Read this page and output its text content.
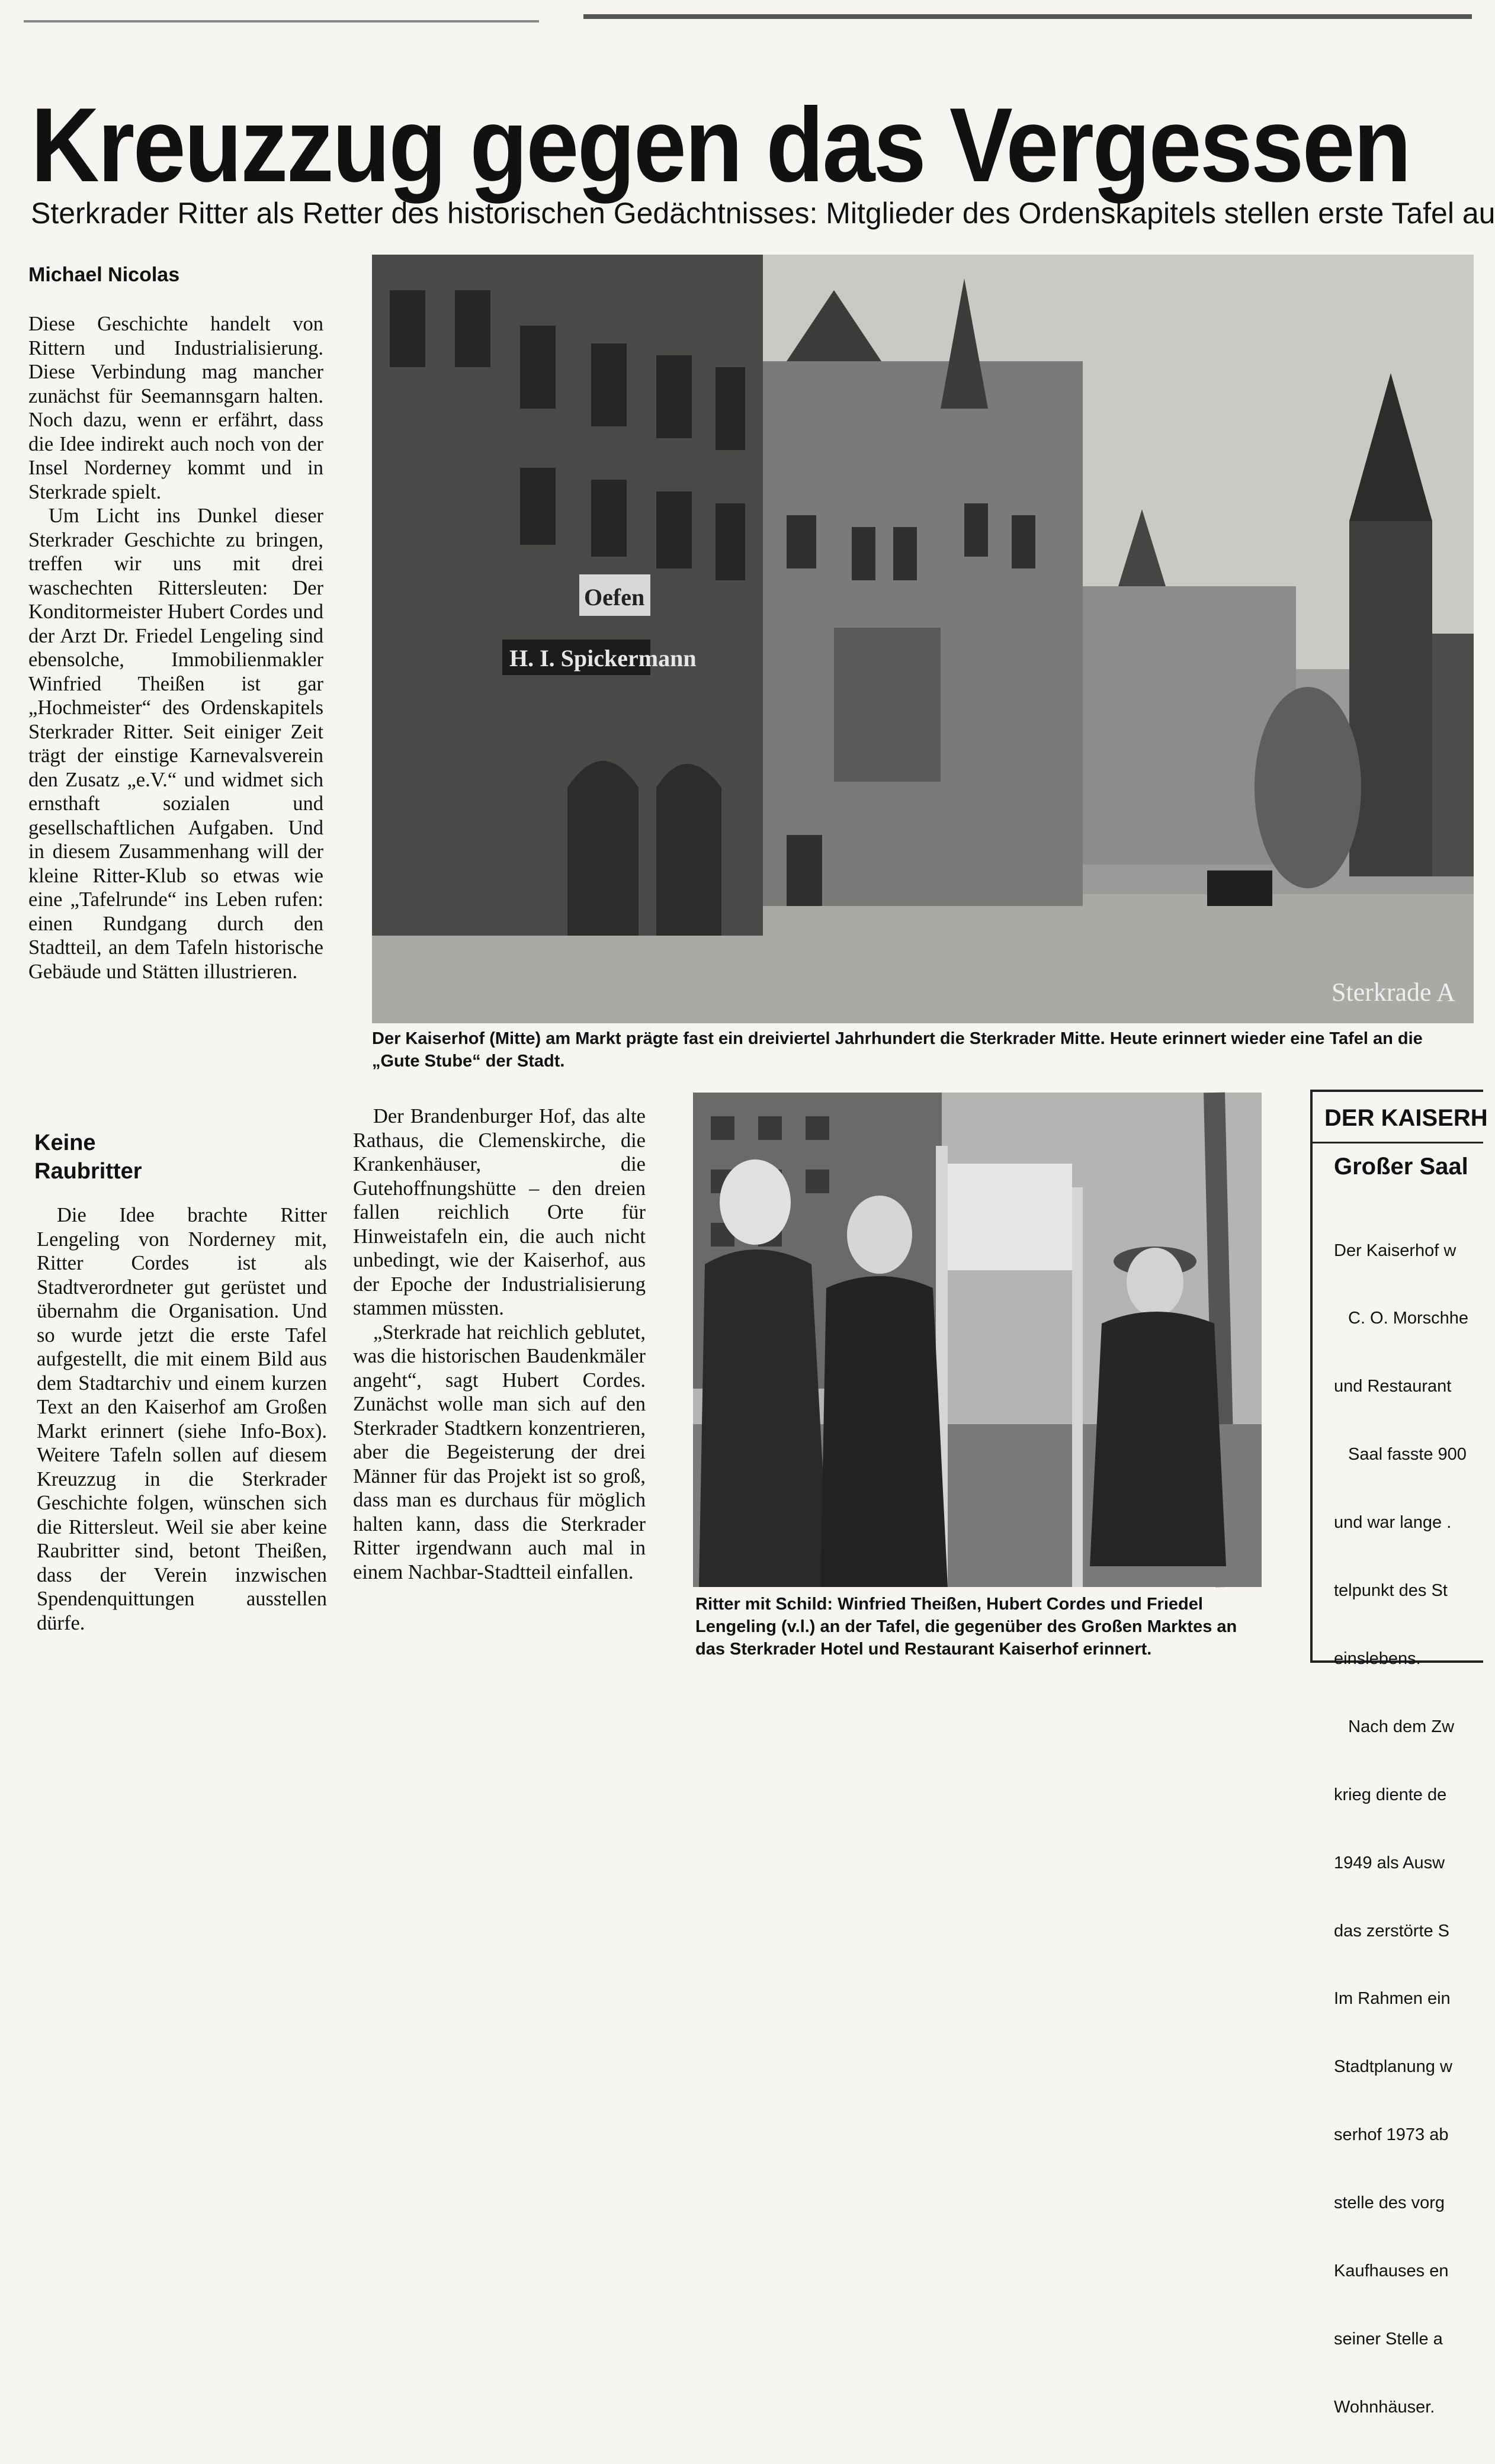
Kreuzzug gegen das Vergessen
Sterkrader Ritter als Retter des historischen Gedächtnisses: Mitglieder des Ordenskapitels stellen erste Tafel au
Michael Nicolas

Diese Geschichte handelt von Rittern und Industrialisierung. Diese Verbindung mag mancher zunächst für Seemannsgarn halten. Noch dazu, wenn er erfährt, dass die Idee indirekt auch noch von der Insel Norderney kommt und in Sterkrade spielt.

Um Licht ins Dunkel dieser Sterkrader Geschichte zu bringen, treffen wir uns mit drei waschechten Rittersleuten: Der Konditormeister Hubert Cordes und der Arzt Dr. Friedel Lengeling sind ebensolche, Immobilienmakler Winfried Theißen ist gar „Hochmeister“ des Ordenskapitels Sterkrader Ritter. Seit einiger Zeit trägt der einstige Karnevalsverein den Zusatz „e.V.“ und widmet sich ernsthaft sozialen und gesellschaftlichen Aufgaben. Und in diesem Zusammenhang will der kleine Ritter-Klub so etwas wie eine „Tafelrunde“ ins Leben rufen: einen Rundgang durch den Stadtteil, an dem Tafeln historische Gebäude und Stätten illustrieren.

Keine Raubritter

Die Idee brachte Ritter Lengeling von Norderney mit, Ritter Cordes ist als Stadtverordneter gut gerüstet und übernahm die Organisation. Und so wurde jetzt die erste Tafel aufgestellt, die mit einem Bild aus dem Stadtarchiv und einem kurzen Text an den Kaiserhof am Großen Markt erinnert (siehe Info-Box). Weitere Tafeln sollen auf diesem Kreuzzug in die Sterkrader Geschichte folgen, wünschen sich die Rittersleut. Weil sie aber keine Raubritter sind, betont Theißen, dass der Verein inzwischen Spendenquittungen ausstellen dürfe.

H. I. Spickermann
Oefen
Sterkrade A
Der Kaiserhof (Mitte) am Markt prägte fast ein dreiviertel Jahrhundert die Sterkrader Mitte. Heute erinnert wieder eine Tafel an die „Gute Stube“ der Stadt.

Der Brandenburger Hof, das alte Rathaus, die Clemenskirche, die Krankenhäuser, die Gutehoffnungshütte – den dreien fallen reichlich Orte für Hinweistafeln ein, die auch nicht unbedingt, wie der Kaiserhof, aus der Epoche der Industrialisierung stammen müssten.

„Sterkrade hat reichlich geblutet, was die historischen Baudenkmäler angeht“, sagt Hubert Cordes. Zunächst wolle man sich auf den Sterkrader Stadtkern konzentrieren, aber die Begeisterung der drei Männer für das Projekt ist so groß, dass man es durchaus für möglich halten kann, dass die Sterkrader Ritter irgendwann auch mal in einem Nachbar-Stadtteil einfallen.

Ritter mit Schild: Winfried Theißen, Hubert Cordes und Friedel Lengeling (v.l.) an der Tafel, die gegenüber des Großen Marktes an das Sterkrader Hotel und Restaurant Kaiserhof erinnert.
DER KAISERH
Großer Saal

Der Kaiserhof w

C. O. Morschhe

und Restaurant

Saal fasste 900

und war lange .

telpunkt des St

einslebens.

Nach dem Zw

krieg diente de

1949 als Ausw

das zerstörte S

Im Rahmen ein

Stadtplanung w

serhof 1973 ab

stelle des vorg

Kaufhauses en

seiner Stelle a

Wohnhäuser.
